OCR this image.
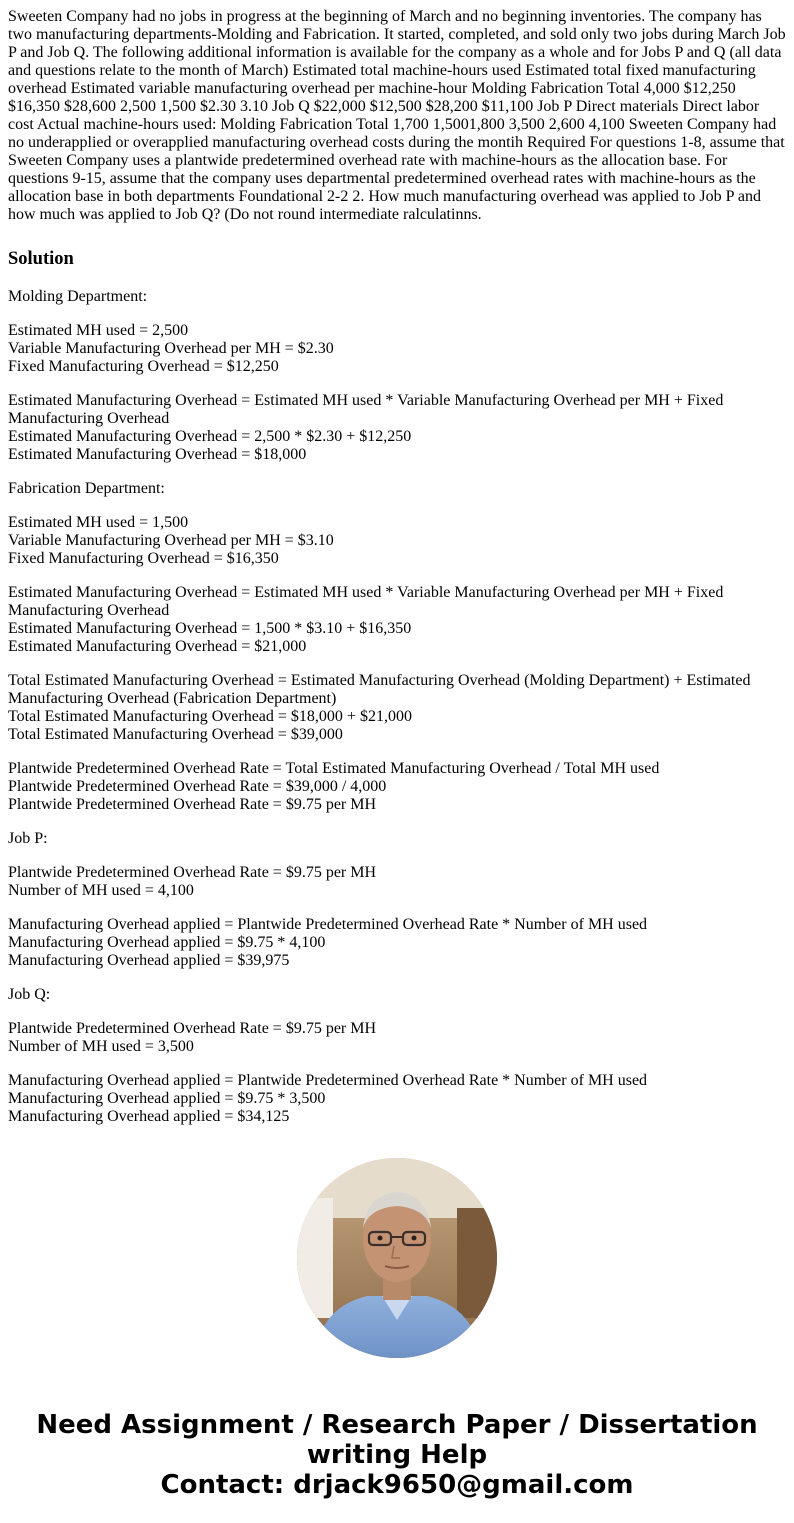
Sweeten Company had no jobs in progress at the beginning of March and no beginning inventories. The company has two manufacturing departments-Molding and Fabrication. It started, completed, and sold only two jobs during March Job P and Job Q. The following additional information is available for the company as a whole and for Jobs P and Q (all data and questions relate to the month of March) Estimated total machine-hours used Estimated total fixed manufacturing overhead Estimated variable manufacturing overhead per machine-hour Molding Fabrication Total 4,000 $12,250 $16,350 $28,600 2,500 1,500 $2.30 3.10 Job Q $22,000 $12,500 $28,200 $11,100 Job P Direct materials Direct labor cost Actual machine-hours used: Molding Fabrication Total 1,700 1,5001,800 3,500 2,600 4,100 Sweeten Company had no underapplied or overapplied manufacturing overhead costs during the montih Required For questions 1-8, assume that Sweeten Company uses a plantwide predetermined overhead rate with machine-hours as the allocation base. For questions 9-15, assume that the company uses departmental predetermined overhead rates with machine-hours as the allocation base in both departments Foundational 2-2 2. How much manufacturing overhead was applied to Job P and how much was applied to Job Q? (Do not round intermediate ralculatinns.
Solution
Molding Department:
Estimated MH used = 2,500
Variable Manufacturing Overhead per MH = $2.30
Fixed Manufacturing Overhead = $12,250
Estimated Manufacturing Overhead = Estimated MH used * Variable Manufacturing Overhead per MH + Fixed Manufacturing Overhead
Estimated Manufacturing Overhead = 2,500 * $2.30 + $12,250
Estimated Manufacturing Overhead = $18,000
Fabrication Department:
Estimated MH used = 1,500
Variable Manufacturing Overhead per MH = $3.10
Fixed Manufacturing Overhead = $16,350
Estimated Manufacturing Overhead = Estimated MH used * Variable Manufacturing Overhead per MH + Fixed Manufacturing Overhead
Estimated Manufacturing Overhead = 1,500 * $3.10 + $16,350
Estimated Manufacturing Overhead = $21,000
Total Estimated Manufacturing Overhead = Estimated Manufacturing Overhead (Molding Department) + Estimated Manufacturing Overhead (Fabrication Department)
Total Estimated Manufacturing Overhead = $18,000 + $21,000
Total Estimated Manufacturing Overhead = $39,000
Plantwide Predetermined Overhead Rate = Total Estimated Manufacturing Overhead / Total MH used
Plantwide Predetermined Overhead Rate = $39,000 / 4,000
Plantwide Predetermined Overhead Rate = $9.75 per MH
Job P:
Plantwide Predetermined Overhead Rate = $9.75 per MH
Number of MH used = 4,100
Manufacturing Overhead applied = Plantwide Predetermined Overhead Rate * Number of MH used
Manufacturing Overhead applied = $9.75 * 4,100
Manufacturing Overhead applied = $39,975
Job Q:
Plantwide Predetermined Overhead Rate = $9.75 per MH
Number of MH used = 3,500
Manufacturing Overhead applied = Plantwide Predetermined Overhead Rate * Number of MH used
Manufacturing Overhead applied = $9.75 * 3,500
Manufacturing Overhead applied = $34,125
Need Assignment / Research Paper / Dissertation writing Help
Contact: drjack9650@gmail.com
